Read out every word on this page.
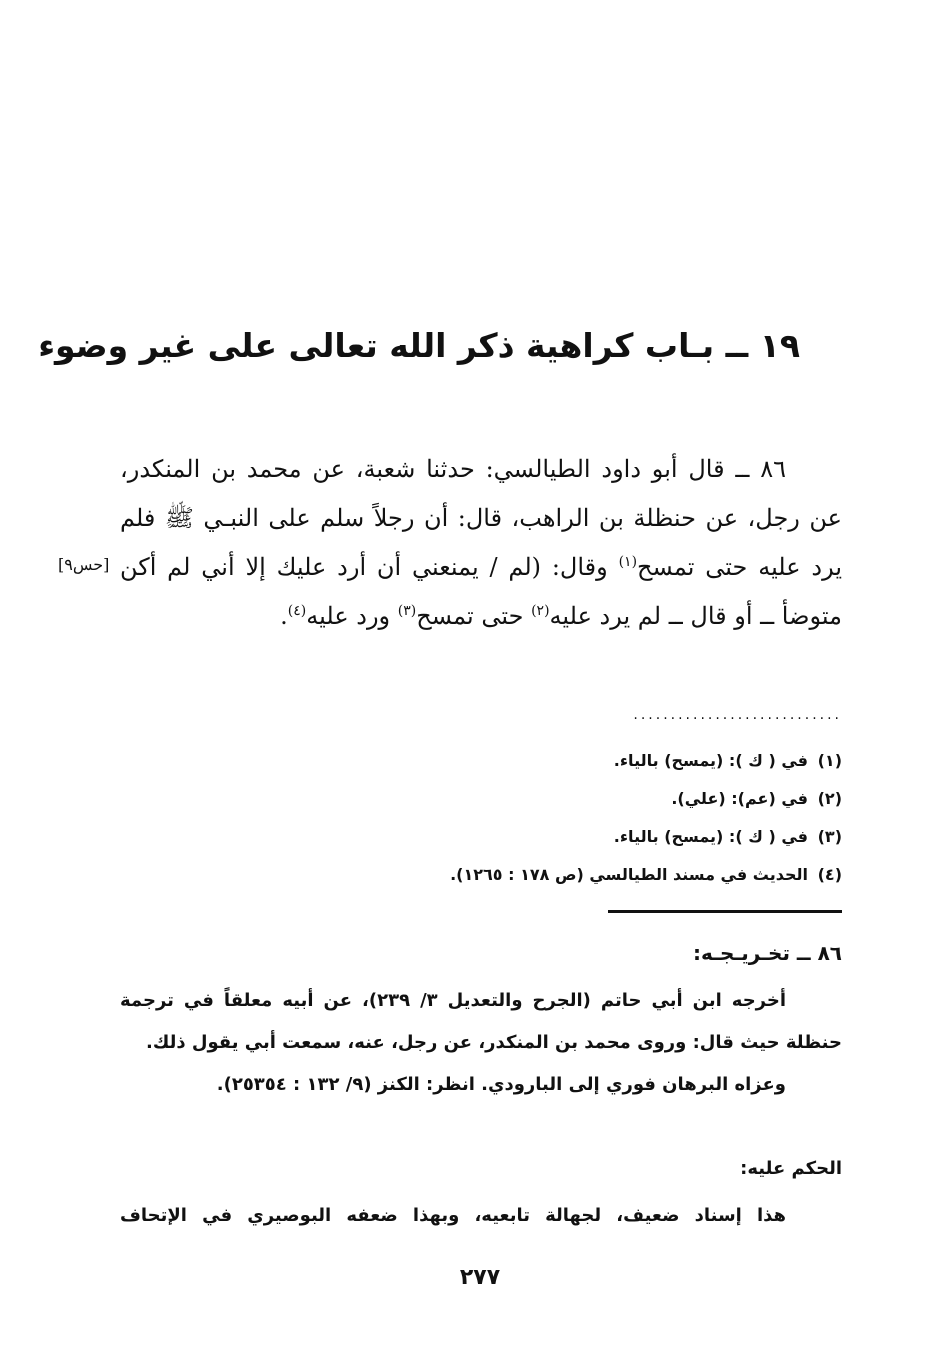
١٩ ــ بـاب كراهية ذكر الله تعالى على غير وضوء

٨٦ ــ قال أبو داود الطيالسي: حدثنا شعبة، عن محمد بن المنكدر، عن رجل، عن حنظلة بن الراهب، قال: أن رجلاً سلم على النبـي ﷺ فلم يرد عليه حتى تمسح$^{(١)}$ وقال: (لم / يمنعني أن أرد عليك إلا أني لم أكن متوضأ ــ أو قال ــ لم يرد عليه$^{(٢)}$ حتى تمسح$^{(٣)}$ ورد عليه$^{(٤)}$.

[حس٩]
............................
(١)في ( ك ): (يمسح) بالياء.
(٢)في (عم): (علي).
(٣)في ( ك ): (يمسح) بالياء.
(٤)الحديث في مسند الطيالسي (ص ١٧٨ : ١٢٦٥).
٨٦ ــ تخـريـجـه:

أخرجه ابن أبي حاتم (الجرح والتعديل ٣/ ٢٣٩)، عن أبيه معلقاً في ترجمة حنظلة حيث قال: وروى محمد بن المنكدر، عن رجل، عنه، سمعت أبي يقول ذلك.

وعزاه البرهان فوري إلى البارودي. انظر: الكنز (٩/ ١٣٢ : ٢٥٣٥٤).

الحكم عليه:
هذا إسناد ضعيف، لجهالة تابعيه، وبهذا ضعفه البوصيري في الإتحاف
٢٧٧
